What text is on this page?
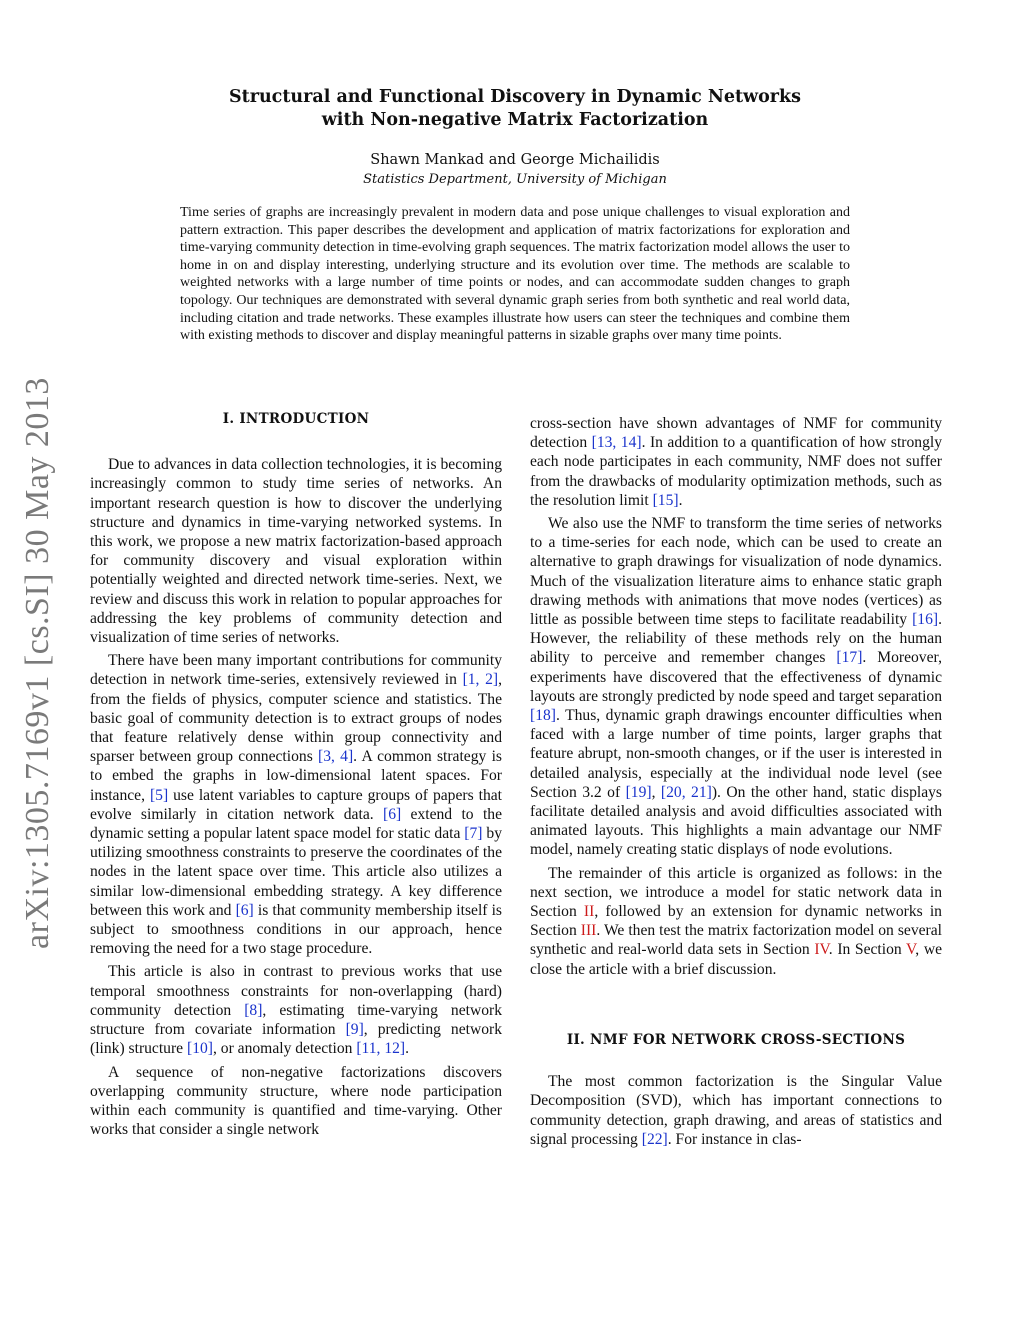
arXiv:1305.7169v1 [cs.SI] 30 May 2013
Structural and Functional Discovery in Dynamic Networks
with Non-negative Matrix Factorization
Shawn Mankad and George Michailidis
Statistics Department, University of Michigan
Time series of graphs are increasingly prevalent in modern data and pose unique challenges to visual exploration and pattern extraction. This paper describes the development and application of matrix factorizations for exploration and time-varying community detection in time-evolving graph sequences. The matrix factorization model allows the user to home in on and display interesting, underlying structure and its evolution over time. The methods are scalable to weighted networks with a large number of time points or nodes, and can accommodate sudden changes to graph topology. Our techniques are demonstrated with several dynamic graph series from both synthetic and real world data, including citation and trade networks. These examples illustrate how users can steer the techniques and combine them with existing methods to discover and display meaningful patterns in sizable graphs over many time points.
I. INTRODUCTION

Due to advances in data collection technologies, it is becoming increasingly common to study time series of networks. An important research question is how to discover the underlying structure and dynamics in time-varying networked systems. In this work, we propose a new matrix factorization-based approach for community discovery and visual exploration within potentially weighted and directed network time-series. Next, we review and discuss this work in relation to popular approaches for addressing the key problems of community detection and visualization of time series of networks.

There have been many important contributions for community detection in network time-series, extensively reviewed in [1, 2], from the fields of physics, computer science and statistics. The basic goal of community detection is to extract groups of nodes that feature relatively dense within group connectivity and sparser between group connections [3, 4]. A common strategy is to embed the graphs in low-dimensional latent spaces. For instance, [5] use latent variables to capture groups of papers that evolve similarly in citation network data. [6] extend to the dynamic setting a popular latent space model for static data [7] by utilizing smoothness constraints to preserve the coordinates of the nodes in the latent space over time. This article also utilizes a similar low-dimensional embedding strategy. A key difference between this work and [6] is that community membership itself is subject to smoothness conditions in our approach, hence removing the need for a two stage procedure.

This article is also in contrast to previous works that use temporal smoothness constraints for non-overlapping (hard) community detection [8], estimating time-varying network structure from covariate information [9], predicting network (link) structure [10], or anomaly detection [11, 12].

A sequence of non-negative factorizations discovers overlapping community structure, where node participation within each community is quantified and time-varying. Other works that consider a single network

cross-section have shown advantages of NMF for community detection [13, 14]. In addition to a quantification of how strongly each node participates in each community, NMF does not suffer from the drawbacks of modularity optimization methods, such as the resolution limit [15].

We also use the NMF to transform the time series of networks to a time-series for each node, which can be used to create an alternative to graph drawings for visualization of node dynamics. Much of the visualization literature aims to enhance static graph drawing methods with animations that move nodes (vertices) as little as possible between time steps to facilitate readability [16]. However, the reliability of these methods rely on the human ability to perceive and remember changes [17]. Moreover, experiments have discovered that the effectiveness of dynamic layouts are strongly predicted by node speed and target separation [18]. Thus, dynamic graph drawings encounter difficulties when faced with a large number of time points, larger graphs that feature abrupt, non-smooth changes, or if the user is interested in detailed analysis, especially at the individual node level (see Section 3.2 of [19], [20, 21]). On the other hand, static displays facilitate detailed analysis and avoid difficulties associated with animated layouts. This highlights a main advantage our NMF model, namely creating static displays of node evolutions.

The remainder of this article is organized as follows: in the next section, we introduce a model for static network data in Section II, followed by an extension for dynamic networks in Section III. We then test the matrix factorization model on several synthetic and real-world data sets in Section IV. In Section V, we close the article with a brief discussion.

II. NMF FOR NETWORK CROSS-SECTIONS

The most common factorization is the Singular Value Decomposition (SVD), which has important connections to community detection, graph drawing, and areas of statistics and signal processing [22]. For instance in clas-
